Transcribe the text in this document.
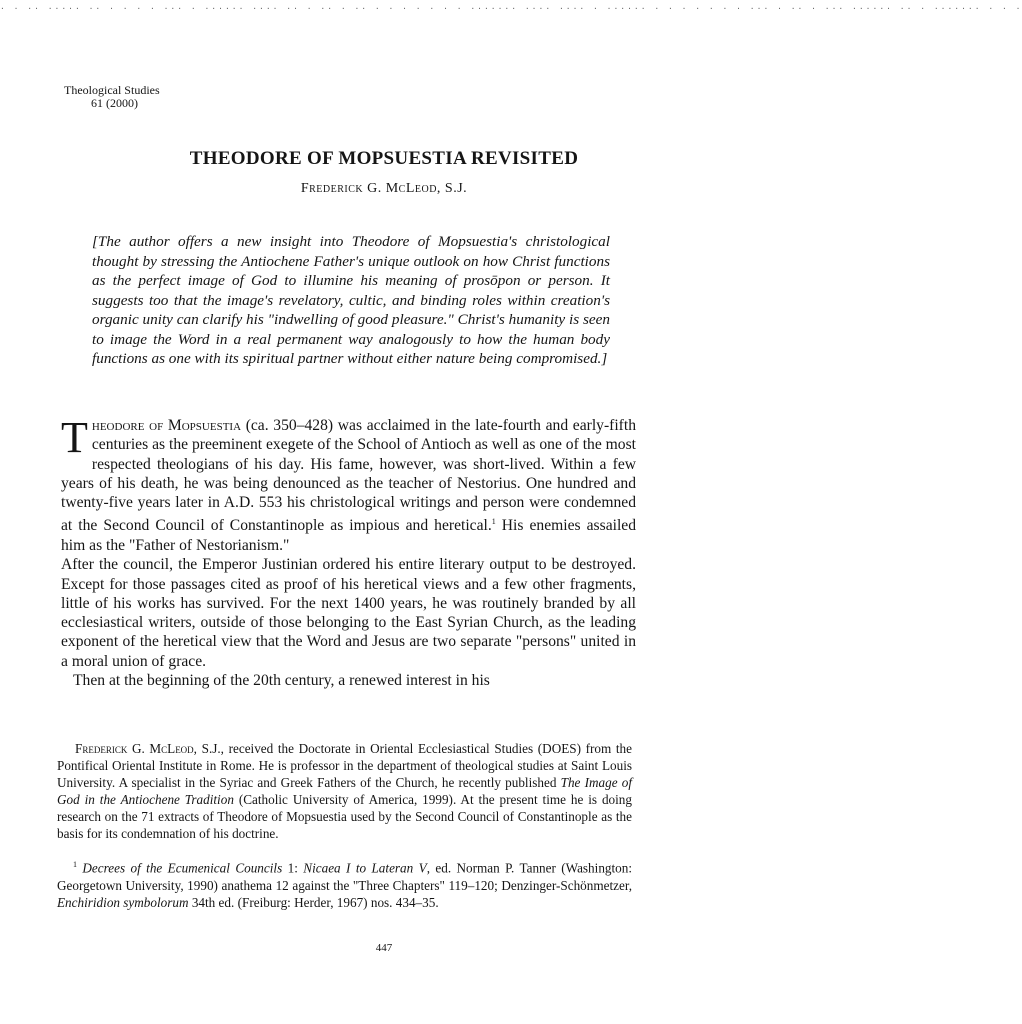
. . .. ..... .. . . . . ... . ...... .... .. . .. . .. . . . . . . . ....... .... .... . ...... . . . . . . . ... . .. . ... ...... .. . ....... . . .
Theological Studies
61 (2000)
THEODORE OF MOPSUESTIA REVISITED
Frederick G. McLeod, S.J.

[The author offers a new insight into Theodore of Mopsuestia's christological thought by stressing the Antiochene Father's unique outlook on how Christ functions as the perfect image of God to illumine his meaning of prosōpon or person. It suggests too that the image's revelatory, cultic, and binding roles within creation's organic unity can clarify his "indwelling of good pleasure." Christ's humanity is seen to image the Word in a real permanent way analogously to how the human body functions as one with its spiritual partner without either nature being compromised.]

Theodore of Mopsuestia (ca. 350–428) was acclaimed in the late-fourth and early-fifth centuries as the preeminent exegete of the School of Antioch as well as one of the most respected theologians of his day. His fame, however, was short-lived. Within a few years of his death, he was being denounced as the teacher of Nestorius. One hundred and twenty-five years later in A.D. 553 his christological writings and person were condemned at the Second Council of Constantinople as impious and heretical.$^1$ His enemies assailed him as the "Father of Nestorianism."

After the council, the Emperor Justinian ordered his entire literary output to be destroyed. Except for those passages cited as proof of his heretical views and a few other fragments, little of his works has survived. For the next 1400 years, he was routinely branded by all ecclesiastical writers, outside of those belonging to the East Syrian Church, as the leading exponent of the heretical view that the Word and Jesus are two separate "persons" united in a moral union of grace.

Then at the beginning of the 20th century, a renewed interest in his

Frederick G. McLeod, S.J., received the Doctorate in Oriental Ecclesiastical Studies (DOES) from the Pontifical Oriental Institute in Rome. He is professor in the department of theological studies at Saint Louis University. A specialist in the Syriac and Greek Fathers of the Church, he recently published The Image of God in the Antiochene Tradition (Catholic University of America, 1999). At the present time he is doing research on the 71 extracts of Theodore of Mopsuestia used by the Second Council of Constantinople as the basis for its condemnation of his doctrine.

$^1$ Decrees of the Ecumenical Councils 1: Nicaea I to Lateran V, ed. Norman P. Tanner (Washington: Georgetown University, 1990) anathema 12 against the "Three Chapters" 119–120; Denzinger-Schönmetzer, Enchiridion symbolorum 34th ed. (Freiburg: Herder, 1967) nos. 434–35.

447
